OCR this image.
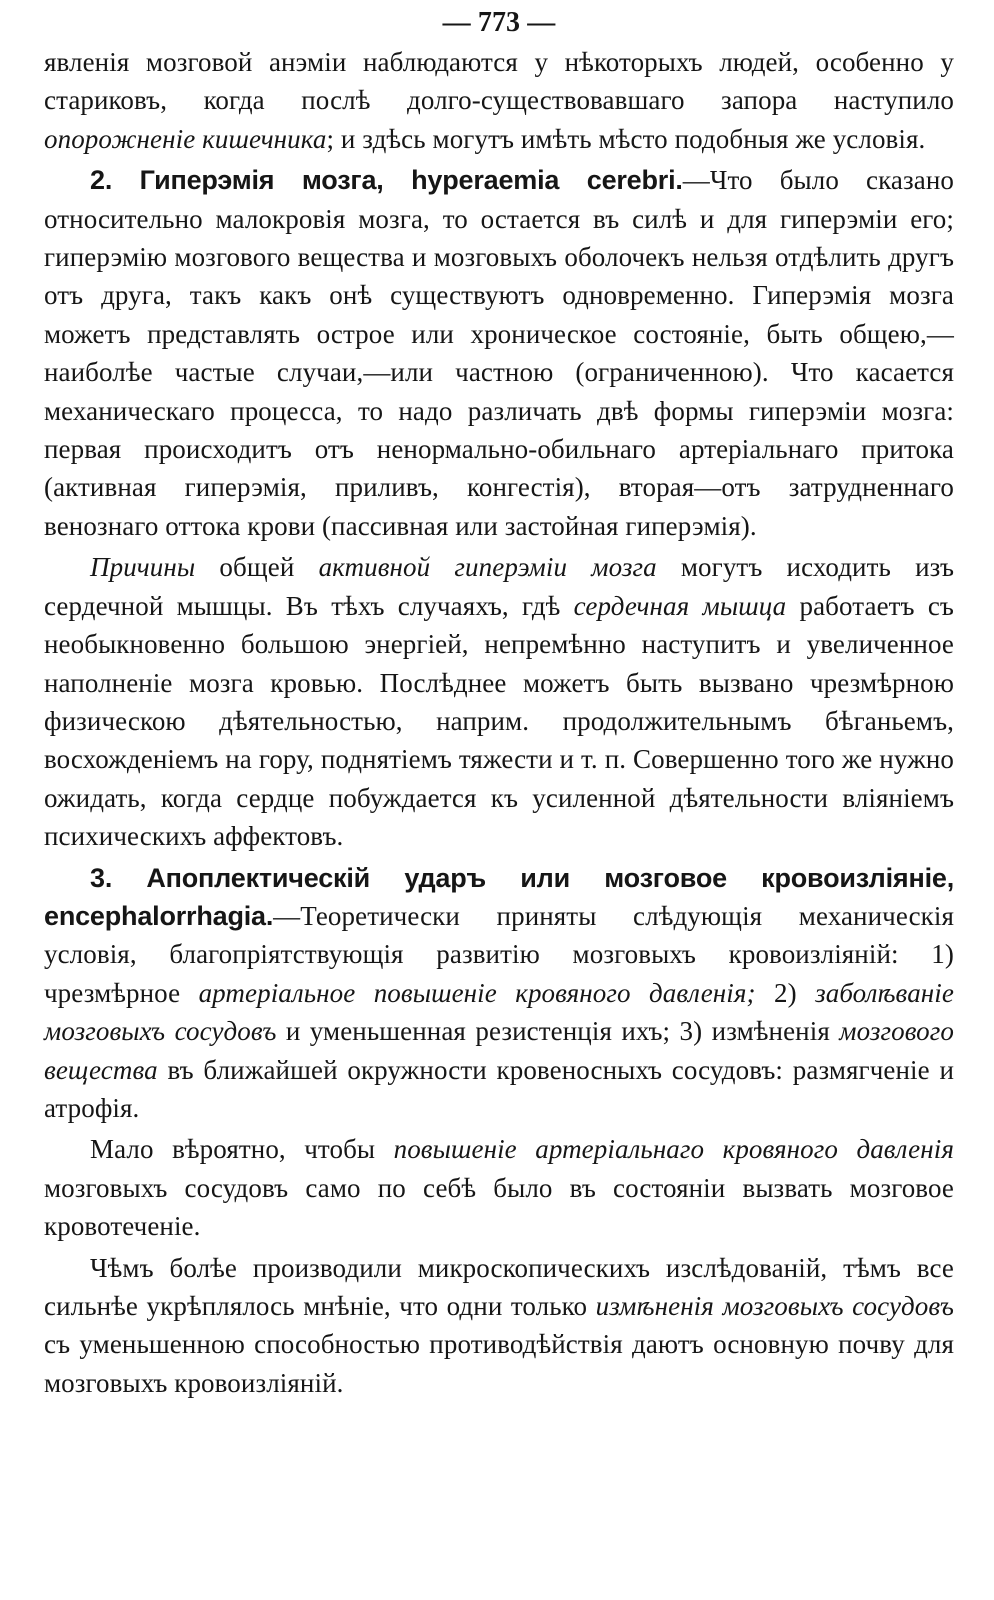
— 773 —

явленія мозговой анэміи наблюдаются у нѣкоторыхъ людей, особенно у стариковъ, когда послѣ долго-существовавшаго запора наступило опорожненіе кишечника; и здѣсь могутъ имѣть мѣсто подобныя же условія.

2. Гиперэмія мозга, hyperaemia cerebri.—Что было сказано относительно малокровія мозга, то остается въ силѣ и для гиперэміи его; гиперэмію мозгового вещества и мозговыхъ оболочекъ нельзя отдѣлить другъ отъ друга, такъ какъ онѣ существуютъ одновременно. Гиперэмія мозга можетъ представлять острое или хроническое состояніе, быть общею,—наиболѣе частые случаи,—или частною (ограниченною). Что касается механическаго процесса, то надо различать двѣ формы гиперэміи мозга: первая происходитъ отъ ненормально-обильнаго артеріальнаго притока (активная гиперэмія, приливъ, конгестія), вторая—отъ затрудненнаго венознаго оттока крови (пассивная или застойная гиперэмія).

Причины общей активной гиперэміи мозга могутъ исходить изъ сердечной мышцы. Въ тѣхъ случаяхъ, гдѣ сердечная мышца работаетъ съ необыкновенно большою энергіей, непремѣнно наступитъ и увеличенное наполненіе мозга кровью. Послѣднее можетъ быть вызвано чрезмѣрною физическою дѣятельностью, наприм. продолжительнымъ бѣганьемъ, восхожденіемъ на гору, поднятіемъ тяжести и т. п. Совершенно того же нужно ожидать, когда сердце побуждается къ усиленной дѣятельности вліяніемъ психическихъ аффектовъ.

3. Апоплектическій ударъ или мозговое кровоизліяніе, encephalorrhagia.—Теоретически приняты слѣдующія механическія условія, благопріятствующія развитію мозговыхъ кровоизліяній: 1) чрезмѣрное артеріальное повышеніе кровяного давленія; 2) заболѣваніе мозговыхъ сосудовъ и уменьшенная резистенція ихъ; 3) измѣненія мозгового вещества въ ближайшей окружности кровеносныхъ сосудовъ: размягченіе и атрофія.

Мало вѣроятно, чтобы повышеніе артеріальнаго кровяного давленія мозговыхъ сосудовъ само по себѣ было въ состояніи вызвать мозговое кровотеченіе.

Чѣмъ болѣе производили микроскопическихъ изслѣдованій, тѣмъ все сильнѣе укрѣплялось мнѣніе, что одни только измѣненія мозговыхъ сосудовъ съ уменьшенною способностью противодѣйствія даютъ основную почву для мозговыхъ кровоизліяній.
